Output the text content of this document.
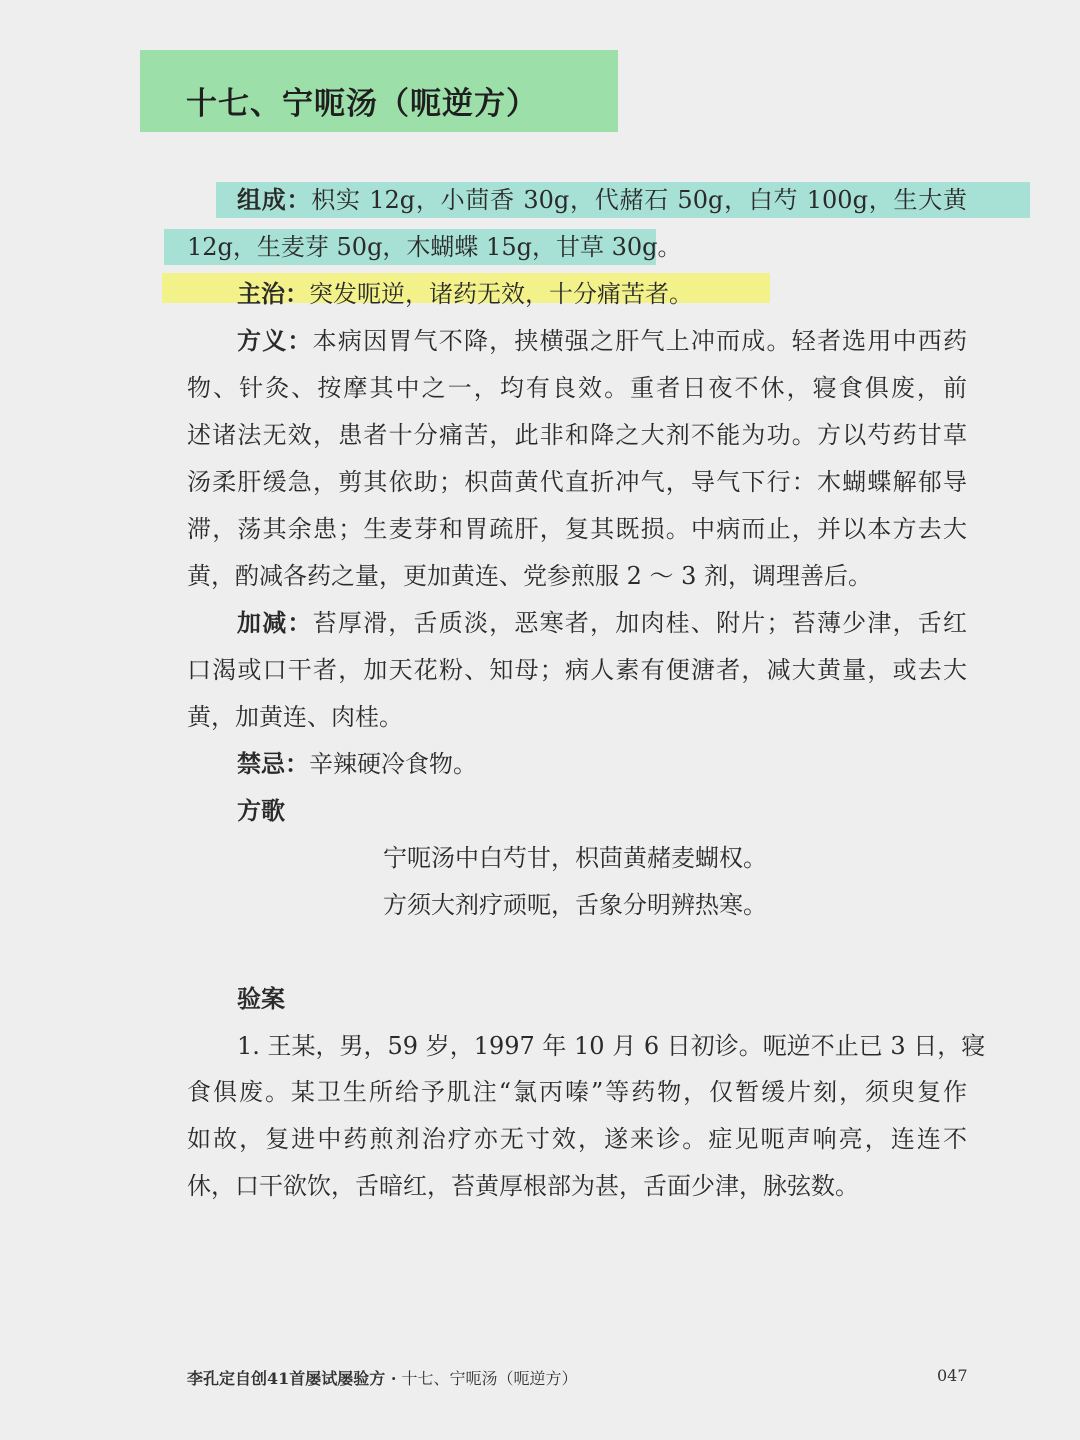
十七、宁呃汤（呃逆方）
组成：枳实 12g，小茴香 30g，代赭石 50g，白芍 100g，生大黄
12g，生麦芽 50g，木蝴蝶 15g，甘草 30g。
主治：突发呃逆，诸药无效，十分痛苦者。
方义：本病因胃气不降，挟横强之肝气上冲而成。轻者选用中西药
物、针灸、按摩其中之一，均有良效。重者日夜不休，寝食俱废，前
述诸法无效，患者十分痛苦，此非和降之大剂不能为功。方以芍药甘草
汤柔肝缓急，剪其依助；枳茴黄代直折冲气，导气下行：木蝴蝶解郁导
滞，荡其余患；生麦芽和胃疏肝，复其既损。中病而止，并以本方去大
黄，酌减各药之量，更加黄连、党参煎服 2 ～ 3 剂，调理善后。
加减：苔厚滑，舌质淡，恶寒者，加肉桂、附片；苔薄少津，舌红
口渴或口干者，加天花粉、知母；病人素有便溏者，减大黄量，或去大
黄，加黄连、肉桂。
禁忌：辛辣硬冷食物。
方歌
宁呃汤中白芍甘，枳茴黄赭麦蝴权。
方须大剂疗顽呃，舌象分明辨热寒。
验案
1. 王某，男，59 岁，1997 年 10 月 6 日初诊。呃逆不止已 3 日，寝
食俱废。某卫生所给予肌注“氯丙嗪”等药物，仅暂缓片刻，须臾复作
如故，复进中药煎剂治疗亦无寸效，遂来诊。症见呃声响亮，连连不
休，口干欲饮，舌暗红，苔黄厚根部为甚，舌面少津，脉弦数。
李孔定自创41首屡试屡验方 · 十七、宁呃汤（呃逆方）	047
